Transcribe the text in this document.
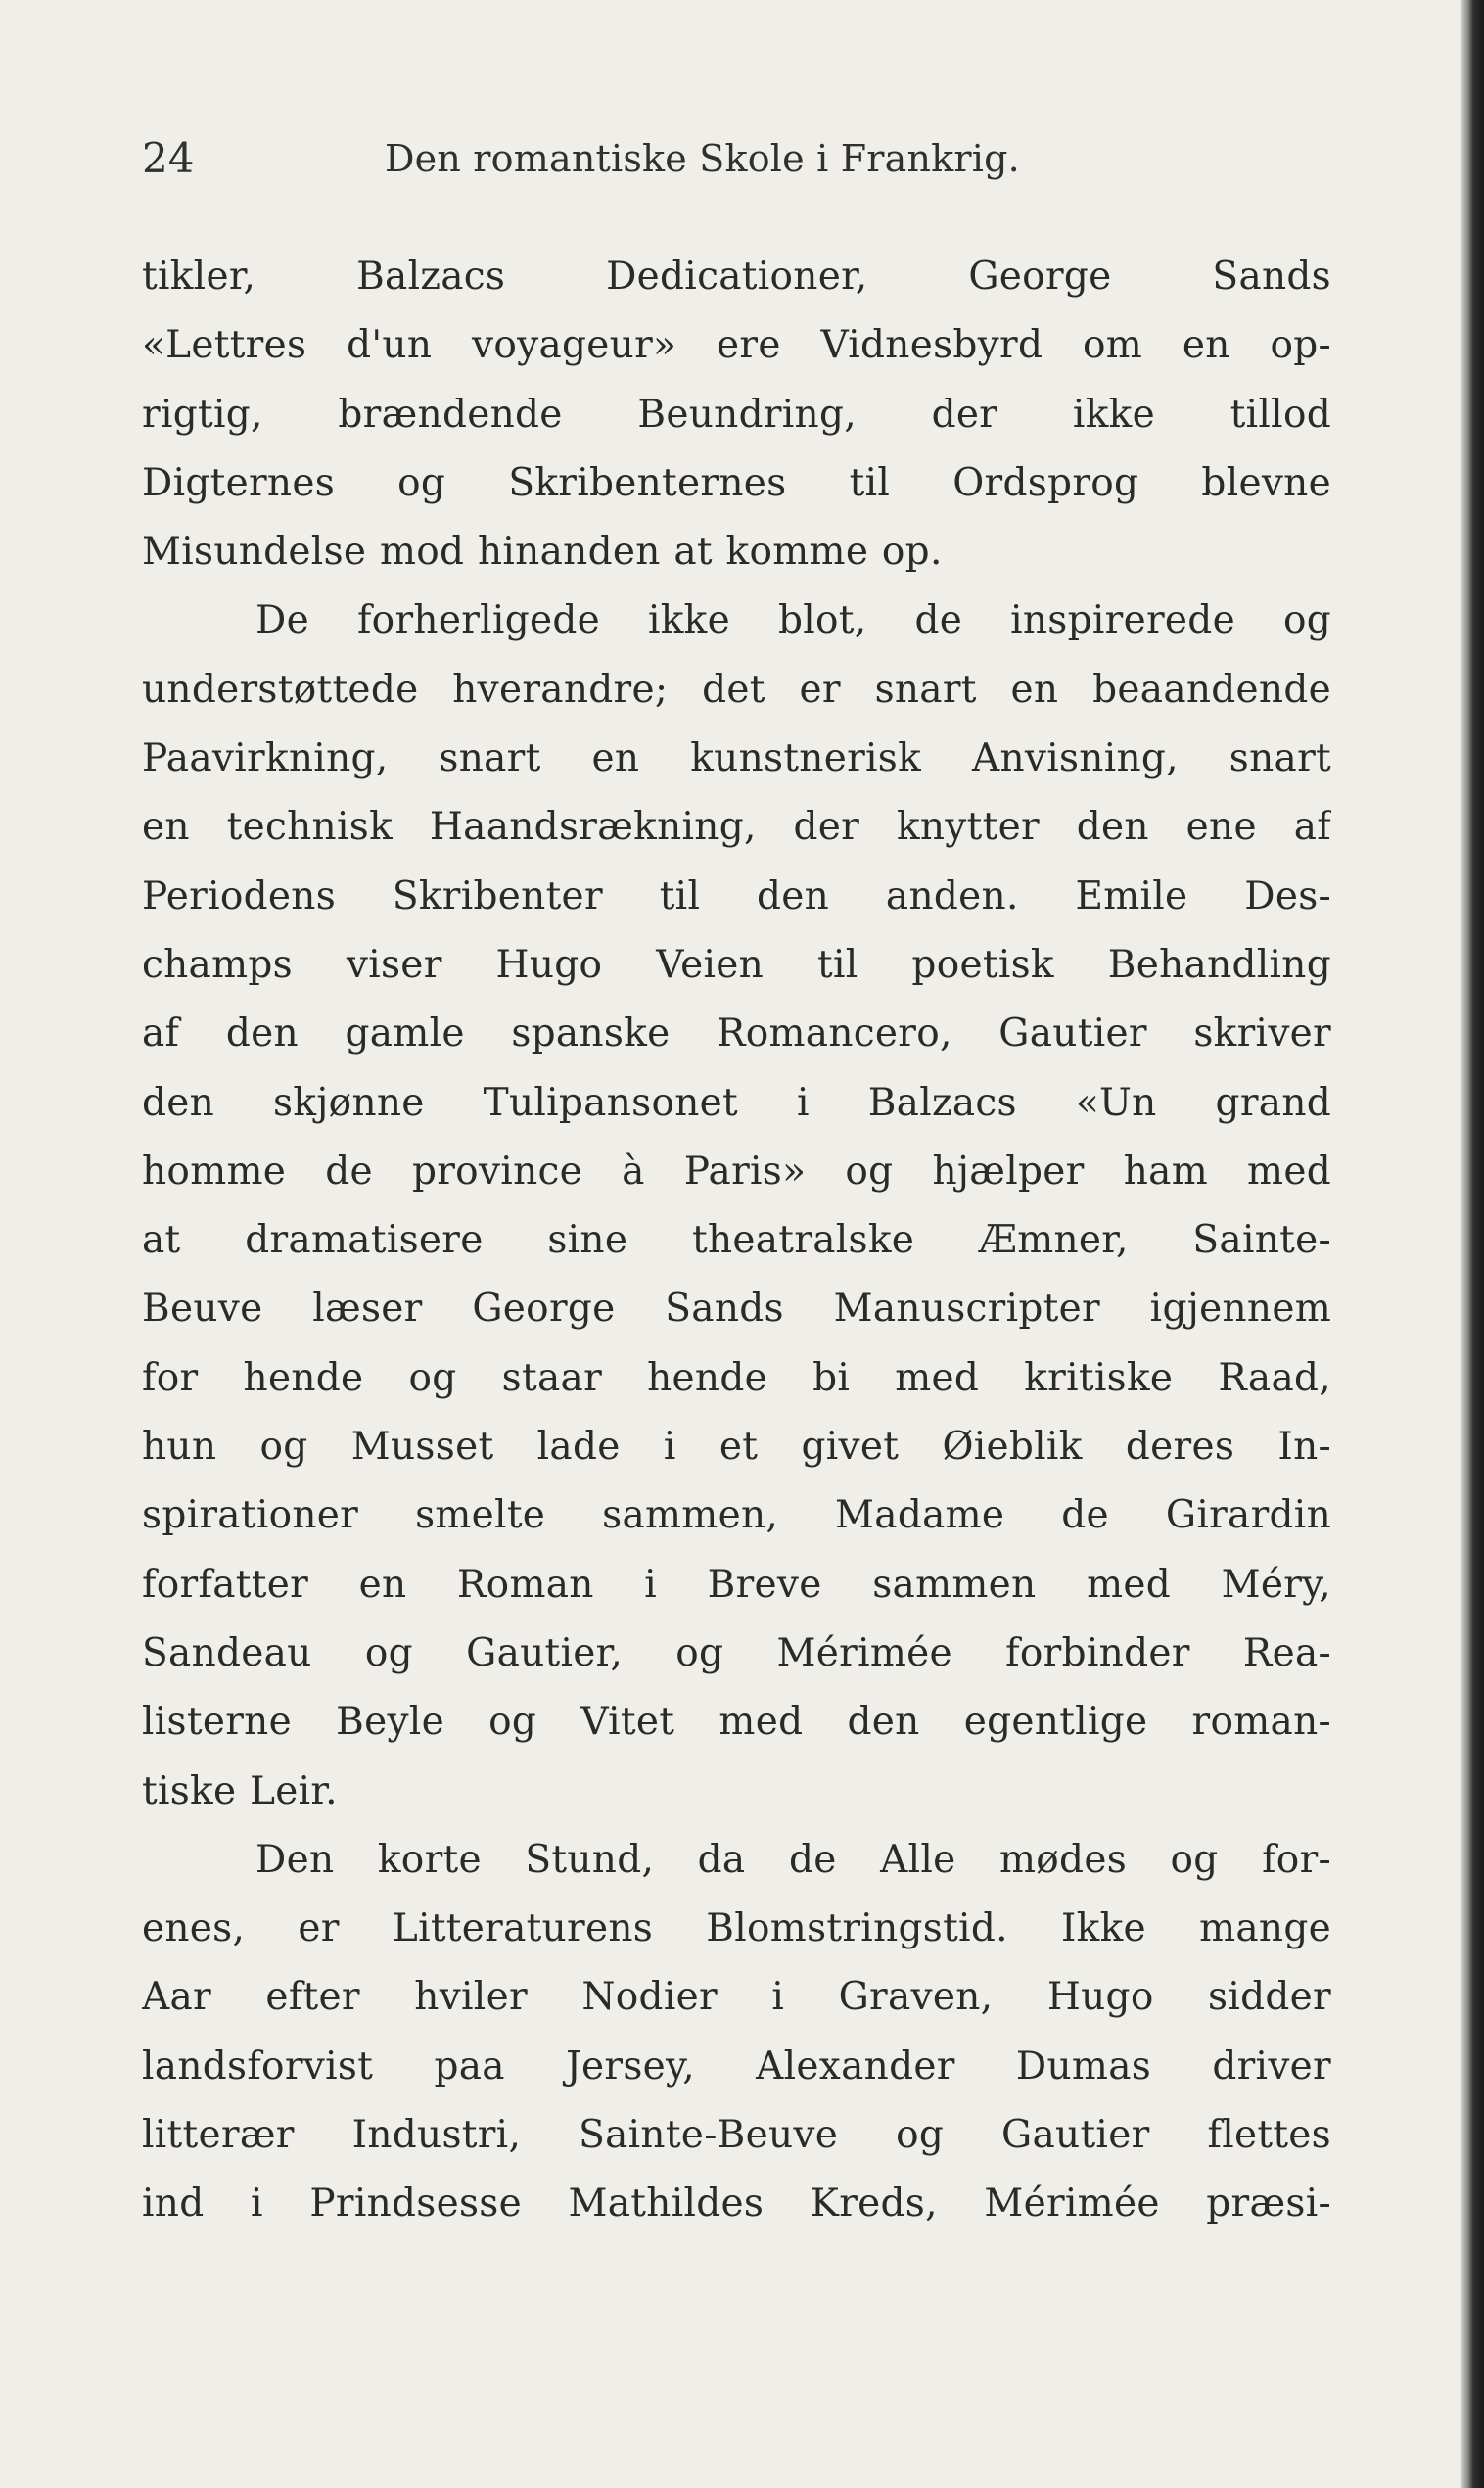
24	Den romantiske Skole i Frankrig.
tikler, Balzacs Dedicationer, George Sands
«Lettres d'un voyageur» ere Vidnesbyrd om en op-
rigtig, brændende Beundring, der ikke tillod
Digternes og Skribenternes til Ordsprog blevne
Misundelse mod hinanden at komme op.
De forherligede ikke blot, de inspirerede og
understøttede hverandre; det er snart en beaandende
Paavirkning, snart en kunstnerisk Anvisning, snart
en technisk Haandsrækning, der knytter den ene af
Periodens Skribenter til den anden. Emile Des-
champs viser Hugo Veien til poetisk Behandling
af den gamle spanske Romancero, Gautier skriver
den skjønne Tulipansonet i Balzacs «Un grand
homme de province à Paris» og hjælper ham med
at dramatisere sine theatralske Æmner, Sainte-
Beuve læser George Sands Manuscripter igjennem
for hende og staar hende bi med kritiske Raad,
hun og Musset lade i et givet Øieblik deres In-
spirationer smelte sammen, Madame de Girardin
forfatter en Roman i Breve sammen med Méry,
Sandeau og Gautier, og Mérimée forbinder Rea-
listerne Beyle og Vitet med den egentlige roman-
tiske Leir.
Den korte Stund, da de Alle mødes og for-
enes, er Litteraturens Blomstringstid. Ikke mange
Aar efter hviler Nodier i Graven, Hugo sidder
landsforvist paa Jersey, Alexander Dumas driver
litterær Industri, Sainte-Beuve og Gautier flettes
ind i Prindsesse Mathildes Kreds, Mérimée præsi-
